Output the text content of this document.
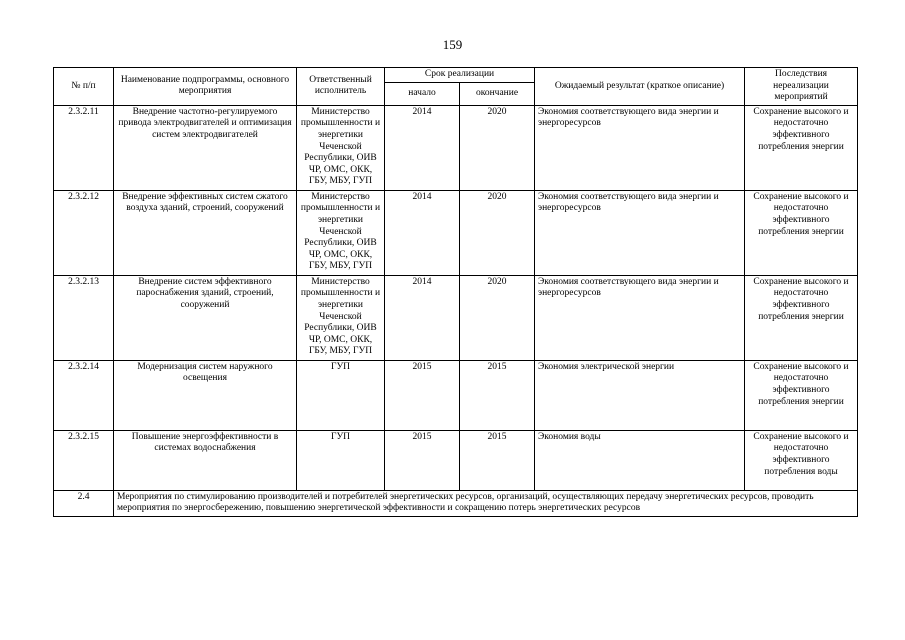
159
№ п/п	Наименование подпрограммы, основного мероприятия	Ответственный исполнитель	Срок реализации		Ожидаемый результат (краткое описание)	Последствия нереализации мероприятий
			начало	окончание		
2.3.2.11	Внедрение частотно-регулируемого привода электродвигателей и оптимизация систем электродвигателей	Министерство промышленности и энергетики Чеченской Республики, ОИВ ЧР, ОМС, ОКК, ГБУ, МБУ, ГУП	2014	2020	Экономия соответствующего вида энергии и энергоресурсов	Сохранение высокого и недостаточно эффективного потребления энергии
2.3.2.12	Внедрение эффективных систем сжатого воздуха зданий, строений, сооружений	Министерство промышленности и энергетики Чеченской Республики, ОИВ ЧР, ОМС, ОКК, ГБУ, МБУ, ГУП	2014	2020	Экономия соответствующего вида энергии и энергоресурсов	Сохранение высокого и недостаточно эффективного потребления энергии
2.3.2.13	Внедрение систем эффективного пароснабжения зданий, строений, сооружений	Министерство промышленности и энергетики Чеченской Республики, ОИВ ЧР, ОМС, ОКК, ГБУ, МБУ, ГУП	2014	2020	Экономия соответствующего вида энергии и энергоресурсов	Сохранение высокого и недостаточно эффективного потребления энергии
2.3.2.14	Модернизация систем наружного освещения	ГУП	2015	2015	Экономия электрической энергии	Сохранение высокого и недостаточно эффективного потребления энергии
2.3.2.15	Повышение энергоэффективности в системах водоснабжения	ГУП	2015	2015	Экономия воды	Сохранение высокого и недостаточно эффективного потребления воды
2.4	Мероприятия по стимулированию производителей и потребителей энергетических ресурсов, организаций, осуществляющих передачу энергетических ресурсов, проводить мероприятия по энергосбережению, повышению энергетической эффективности и сокращению потерь энергетических ресурсов					
